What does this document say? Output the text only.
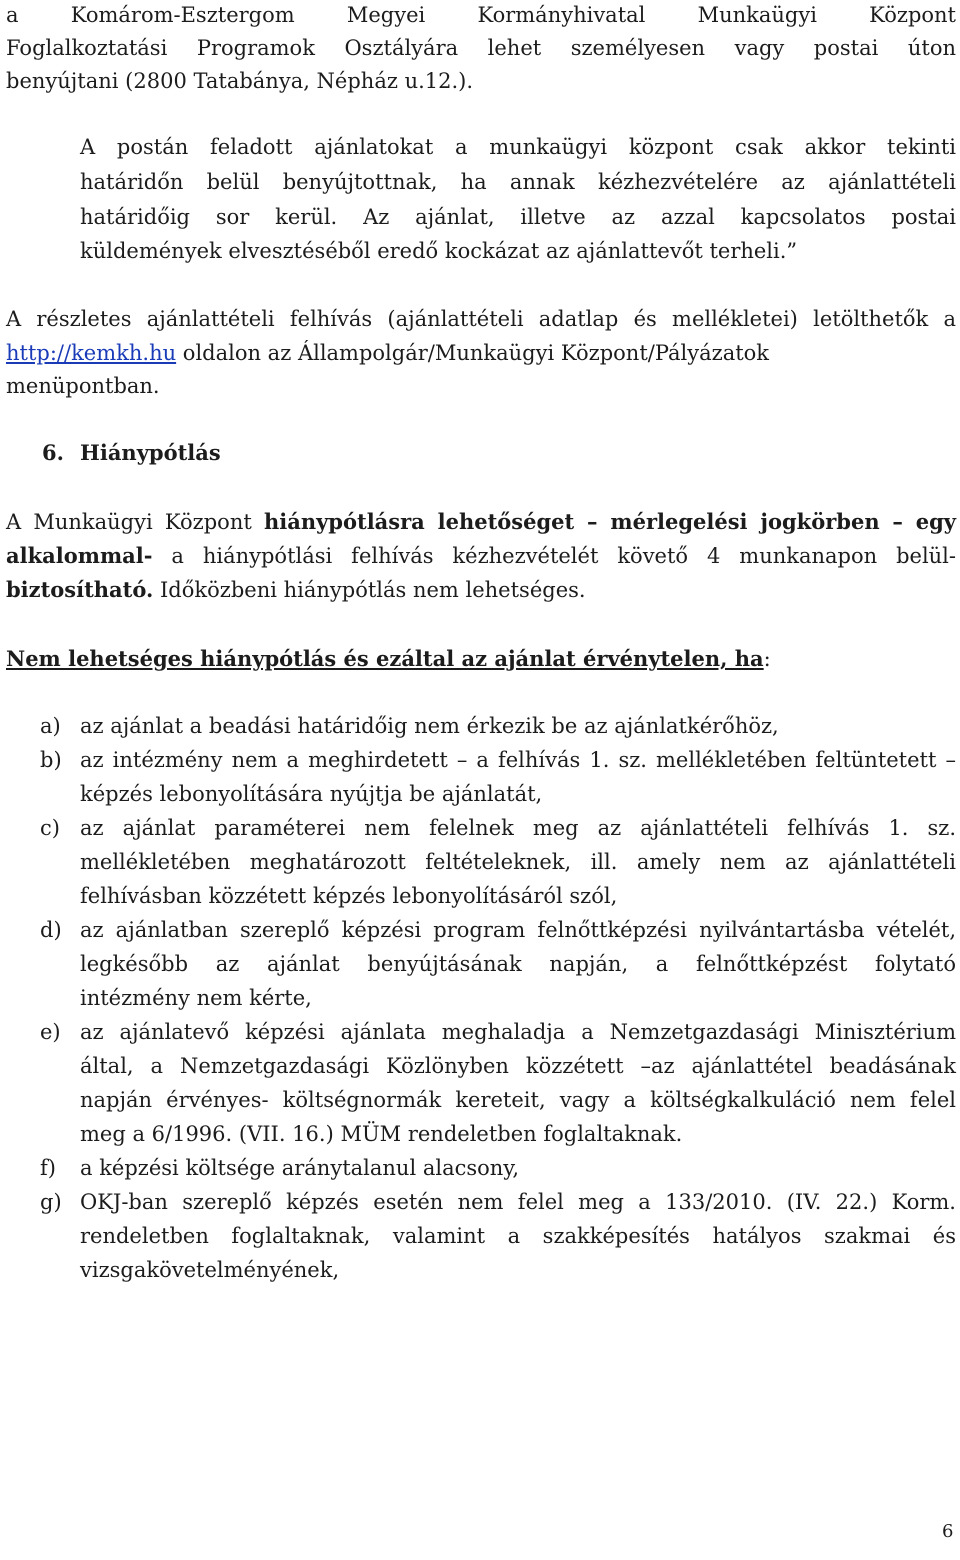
a Komárom-Esztergom Megyei Kormányhivatal Munkaügyi Központ
Foglalkoztatási Programok Osztályára lehet személyesen vagy postai úton
benyújtani (2800 Tatabánya, Népház u.12.).
A postán feladott ajánlatokat a munkaügyi központ csak akkor tekinti
határidőn belül benyújtottnak, ha annak kézhezvételére az ajánlattételi
határidőig sor kerül. Az ajánlat, illetve az azzal kapcsolatos postai
küldemények elvesztéséből eredő kockázat az ajánlattevőt terheli.”
A részletes ajánlattételi felhívás (ajánlattételi adatlap és mellékletei) letölthetők a
http://kemkh.hu oldalon az Állampolgár/Munkaügyi Központ/Pályázatok
menüpontban.
6. Hiánypótlás
A Munkaügyi Központ hiánypótlásra lehetőséget – mérlegelési jogkörben – egy
alkalommal- a hiánypótlási felhívás kézhezvételét követő 4 munkanapon belül-
biztosítható. Időközbeni hiánypótlás nem lehetséges.
Nem lehetséges hiánypótlás és ezáltal az ajánlat érvénytelen, ha:
a) az ajánlat a beadási határidőig nem érkezik be az ajánlatkérőhöz,
b) az intézmény nem a meghirdetett – a felhívás 1. sz. mellékletében feltüntetett –
képzés lebonyolítására nyújtja be ajánlatát,
c) az ajánlat paraméterei nem felelnek meg az ajánlattételi felhívás 1. sz.
mellékletében meghatározott feltételeknek, ill. amely nem az ajánlattételi
felhívásban közzétett képzés lebonyolításáról szól,
d) az ajánlatban szereplő képzési program felnőttképzési nyilvántartásba vételét,
legkésőbb az ajánlat benyújtásának napján, a felnőttképzést folytató
intézmény nem kérte,
e) az ajánlatevő képzési ajánlata meghaladja a Nemzetgazdasági Minisztérium
által, a Nemzetgazdasági Közlönyben közzétett –az ajánlattétel beadásának
napján érvényes- költségnormák kereteit, vagy a költségkalkuláció nem felel
meg a 6/1996. (VII. 16.) MÜM rendeletben foglaltaknak.
f) a képzési költsége aránytalanul alacsony,
g) OKJ-ban szereplő képzés esetén nem felel meg a 133/2010. (IV. 22.) Korm.
rendeletben foglaltaknak, valamint a szakképesítés hatályos szakmai és
vizsgakövetelményének,
6
